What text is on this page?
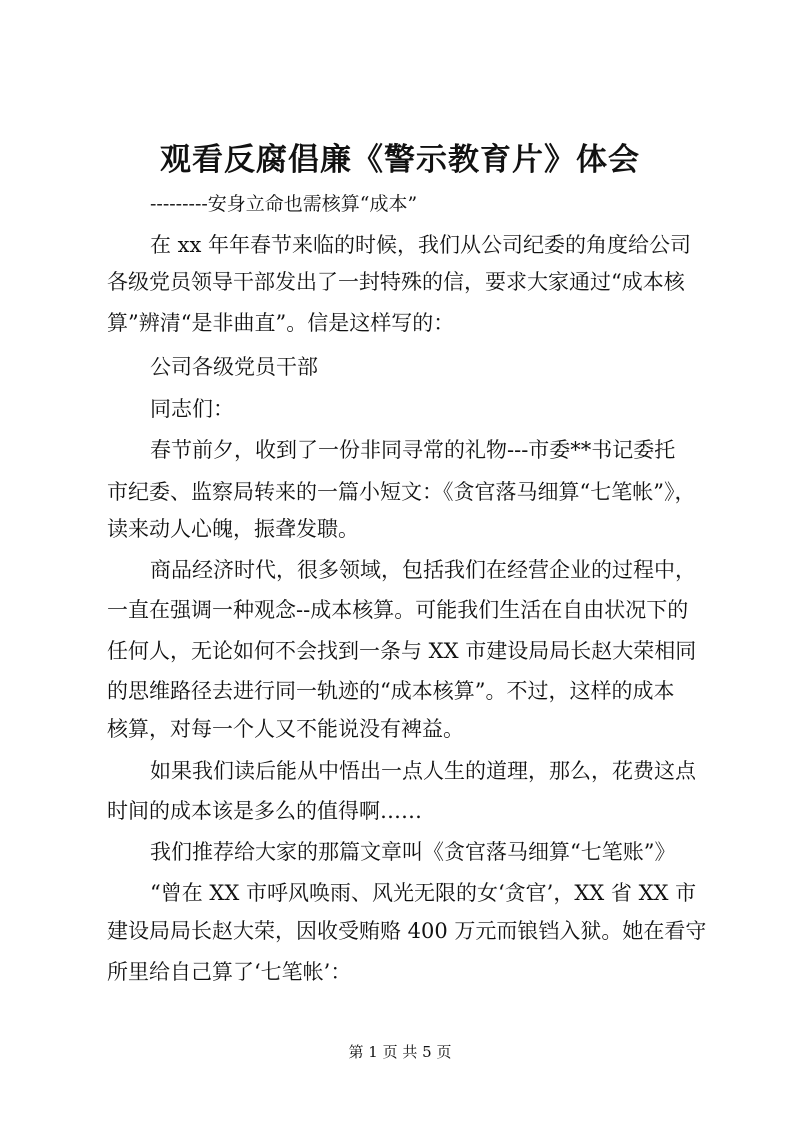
观看反腐倡廉《警示教育片》体会
---------安身立命也需核算“成本”
在 xx 年年春节来临的时候，我们从公司纪委的角度给公司
各级党员领导干部发出了一封特殊的信，要求大家通过“成本核
算”辨清“是非曲直”。信是这样写的：
公司各级党员干部
同志们：
春节前夕，收到了一份非同寻常的礼物---市委**书记委托
市纪委、监察局转来的一篇小短文：《贪官落马细算“七笔帐”》，
读来动人心魄，振聋发聩。
商品经济时代，很多领域，包括我们在经营企业的过程中，
一直在强调一种观念--成本核算。可能我们生活在自由状况下的
任何人，无论如何不会找到一条与 XX 市建设局局长赵大荣相同
的思维路径去进行同一轨迹的“成本核算”。不过，这样的成本
核算，对每一个人又不能说没有裨益。
如果我们读后能从中悟出一点人生的道理，那么，花费这点
时间的成本该是多么的值得啊……
我们推荐给大家的那篇文章叫《贪官落马细算“七笔账”》
“曾在 XX 市呼风唤雨、风光无限的女‘贪官’，XX 省 XX 市
建设局局长赵大荣，因收受贿赂 400 万元而锒铛入狱。她在看守
所里给自己算了‘七笔帐’：
第 1 页 共 5 页
